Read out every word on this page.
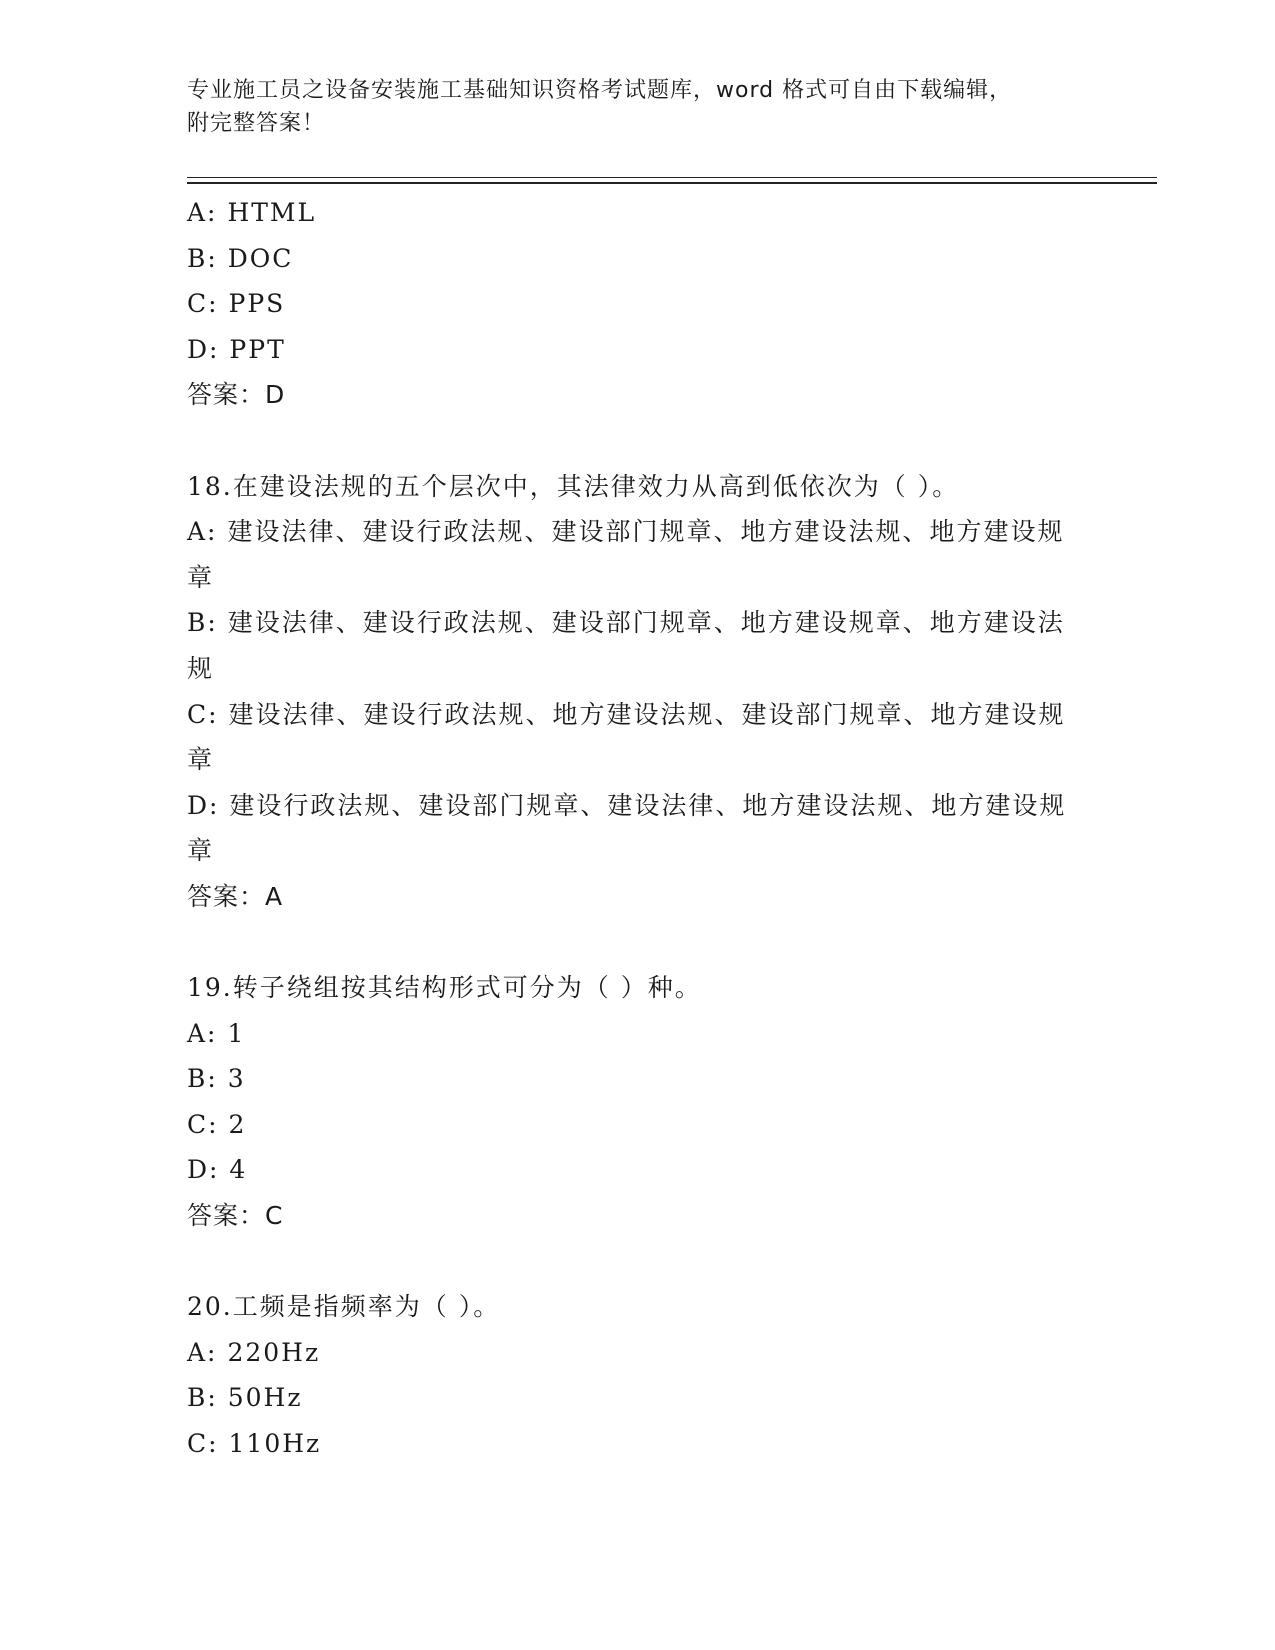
专业施工员之设备安装施工基础知识资格考试题库，word 格式可自由下载编辑，
附完整答案！
A: HTML
B: DOC
C: PPS
D: PPT
答案：D
18.在建设法规的五个层次中，其法律效力从高到低依次为（ ）。
A: 建设法律、建设行政法规、建设部门规章、地方建设法规、地方建设规章
B: 建设法律、建设行政法规、建设部门规章、地方建设规章、地方建设法规
C: 建设法律、建设行政法规、地方建设法规、建设部门规章、地方建设规章
D: 建设行政法规、建设部门规章、建设法律、地方建设法规、地方建设规章
答案：A
19.转子绕组按其结构形式可分为（ ）种。
A: 1
B: 3
C: 2
D: 4
答案：C
20.工频是指频率为（ ）。
A: 220Hz
B: 50Hz
C: 110Hz
